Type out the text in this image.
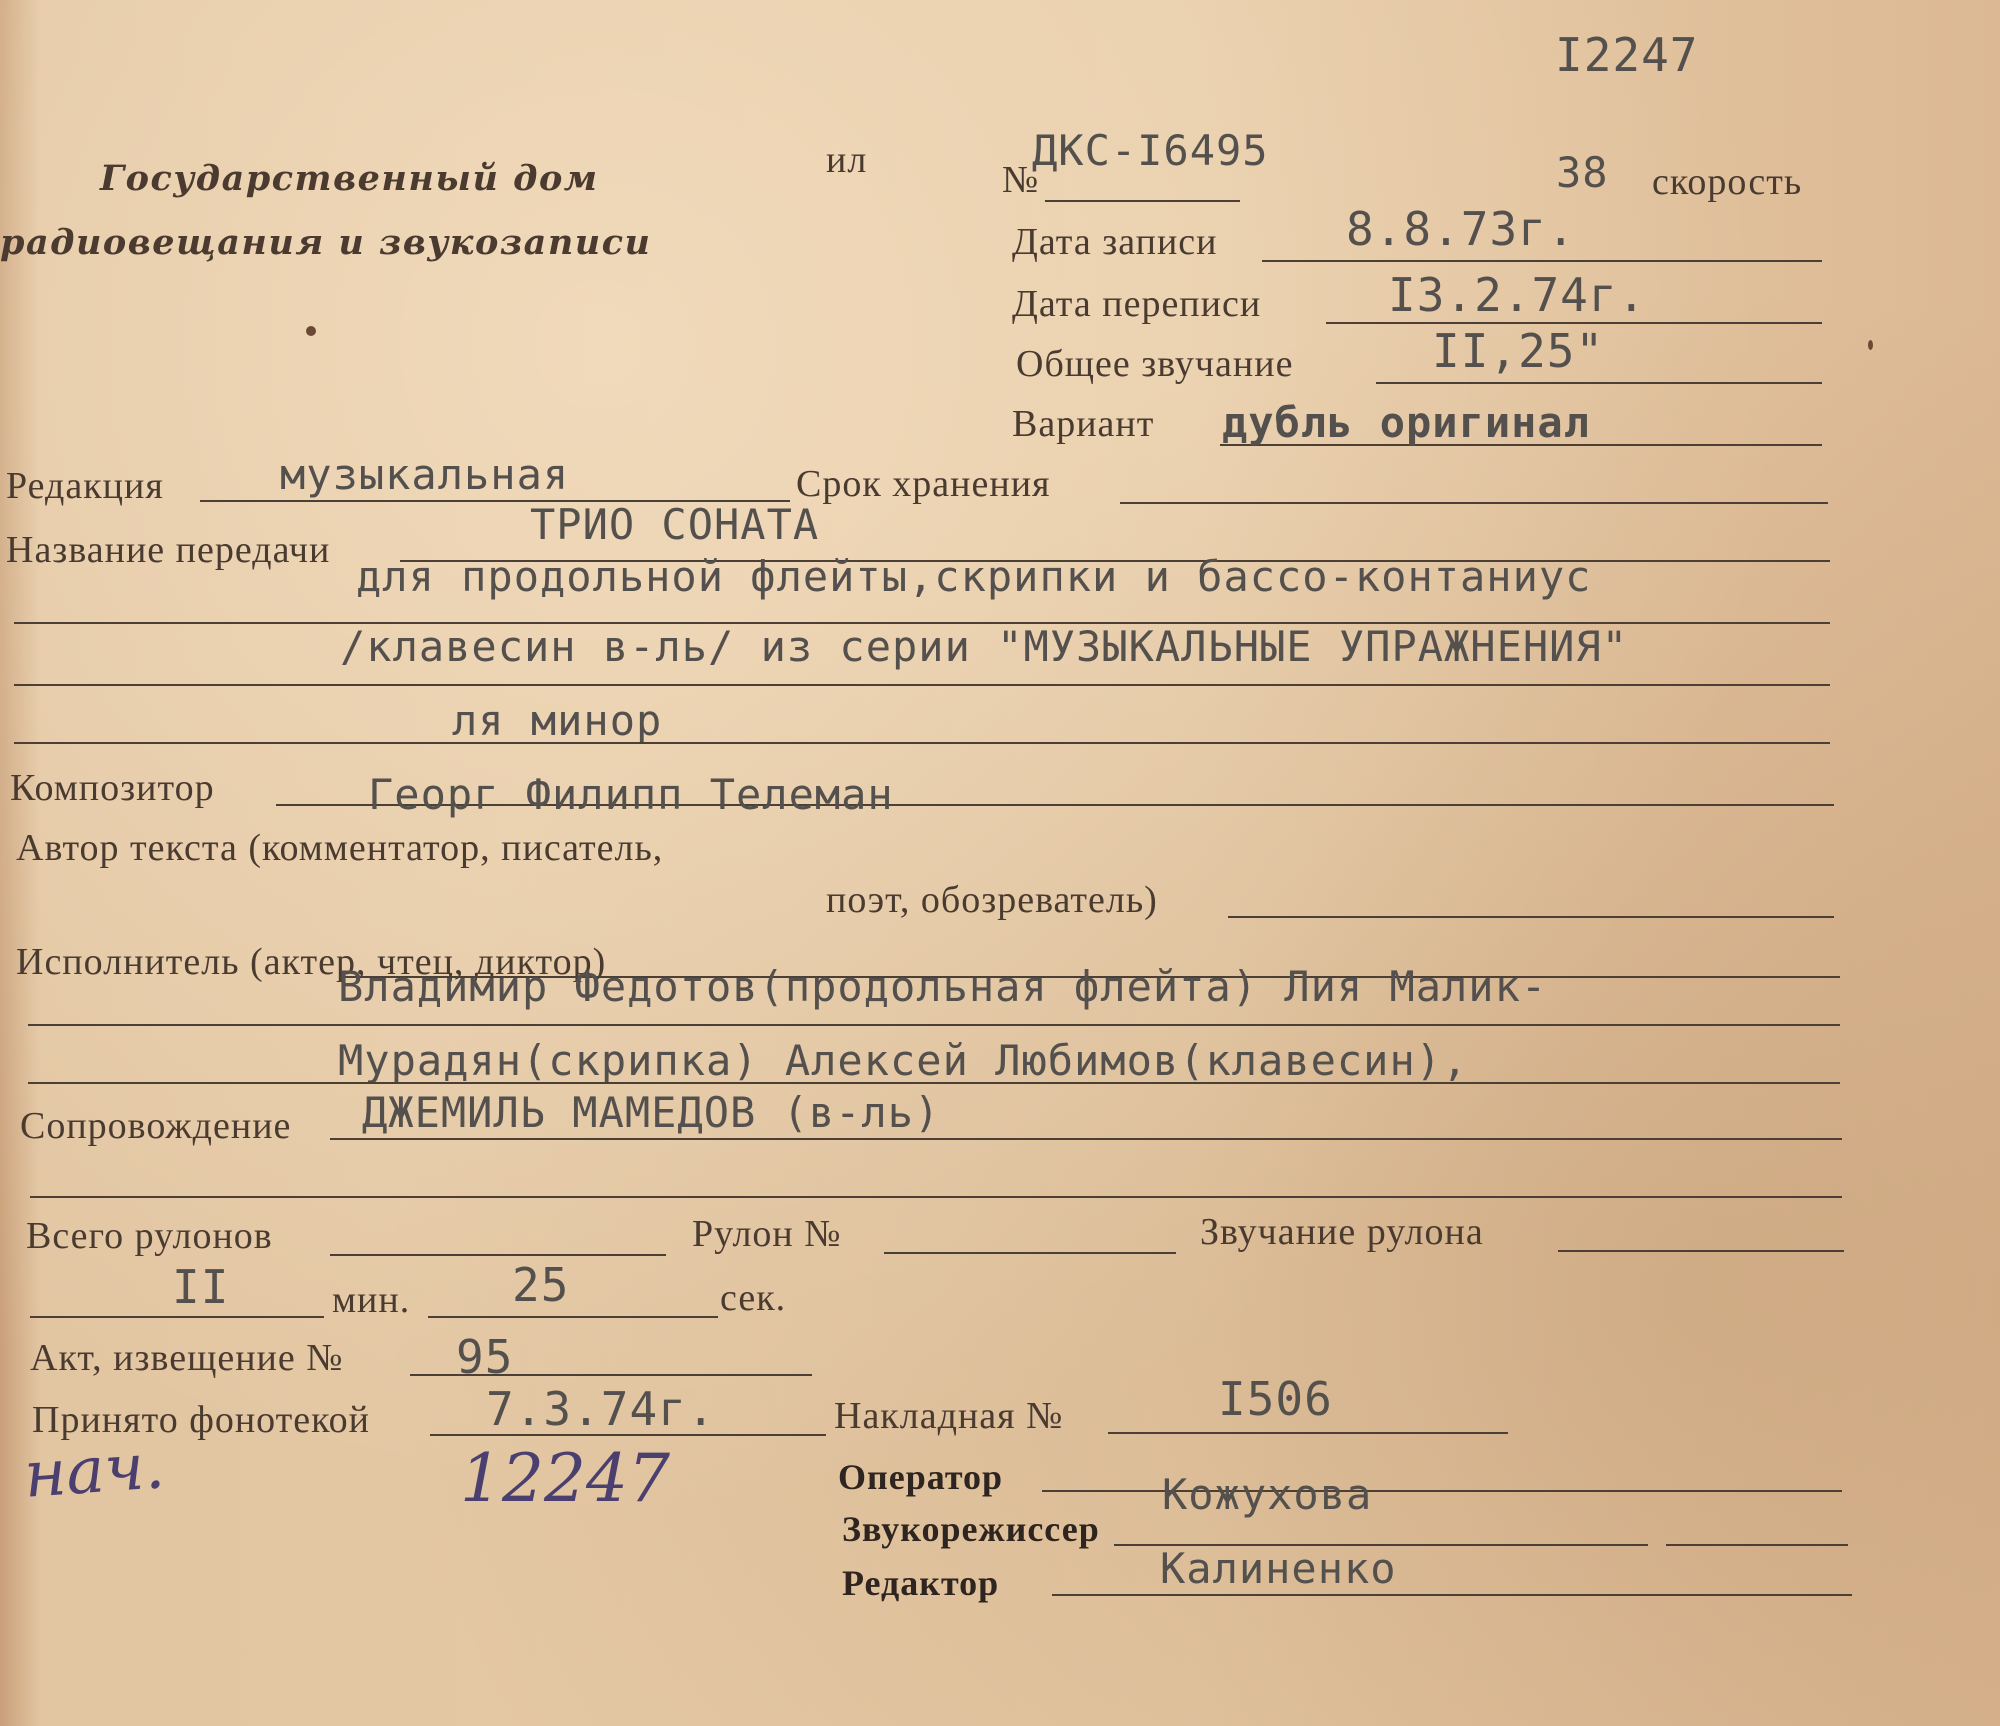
I2247
Государственный дом
радиовещания и звукозаписи
ил	№
ДКС-I6495	38 скорость
Дата записи	8.8.73г.
Дата переписи	I3.2.74г.
Общее звучание	II,25"
Вариант дубль оригинал
Редакция	музыкальная	Срок хранения
Название передачи
ТРИО СОНАТА
для продольной флейты,скрипки и бассо-контаниус
/клавесин в-ль/ из серии "МУЗЫКАЛЬНЫЕ УПРАЖНЕНИЯ"
ля минор
Композитор	Георг Филипп Телеман
Автор текста (комментатор, писатель,
поэт, обозреватель)
Исполнитель (актер, чтец, диктор)
Владимир Федотов(продольная флейта) Лия Малик-
Мурадян(скрипка) Алексей Любимов(клавесин),
Сопровождение ДЖЕМИЛЬ МАМЕДОВ (в-ль)
Всего рулонов	Рулон №	Звучание рулона
II	мин. 25	сек.
Акт, извещение № 95
Принято фонотекой	7.3.74г.	Накладная №	I506
нач.	12247	Оператор	Кожухова
Звукорежиссер
Редактор	Калиненко
